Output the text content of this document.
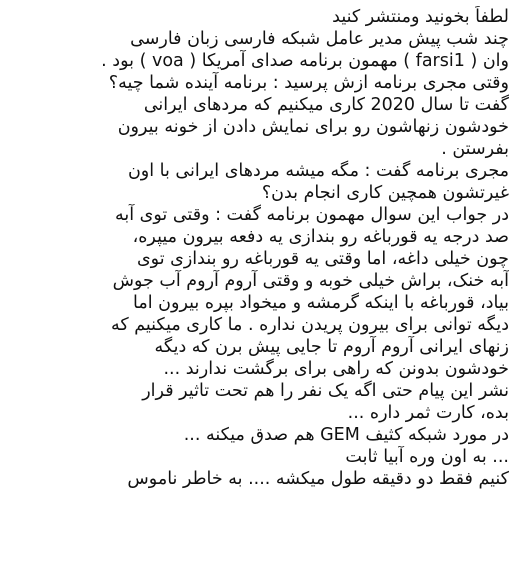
لطفاً بخونید ومنتشر کنید
چند شب پیش مدیر عامل شبکه فارسی زبان فارسی
وان ( farsi1 ) مهمون برنامه صدای آمریکا ( voa ) بود .
وقتی مجری برنامه ازش پرسید : برنامه آینده شما چیه؟
گفت تا سال 2020 کاری میکنیم که مردهای ایرانی
خودشون زنهاشون رو برای نمایش دادن از خونه بیرون
بفرستن .
مجری برنامه گفت : مگه میشه مردهای ایرانی با اون
غیرتشون همچین کاری انجام بدن؟
در جواب این سوال مهمون برنامه گفت : وقتی توی آبه
صد درجه یه قورباغه رو بندازی یه دفعه بیرون میپره،
چون خیلی داغه، اما وقتی یه قورباغه رو بندازی توی
آبه خنک، براش خیلی خوبه و وقتی آروم آروم آب جوش
بیاد، قورباغه با اینکه گرمشه و میخواد بپره بیرون اما
دیگه توانی برای بیرون پریدن نداره . ما کاری میکنیم که
زنهای ایرانی آروم آروم تا جایی پیش برن که دیگه
خودشون بدونن که راهی برای برگشت ندارند ...
نشر این پیام حتی اگه یک نفر را هم تحت تاثیر قرار
بده، کارت ثمر داره ...
در مورد شبکه کثیف GEM هم صدق میکنه ...
... به اون وره آبیا ثابت
کنیم فقط دو دقیقه طول میکشه .... به خاطر ناموس
